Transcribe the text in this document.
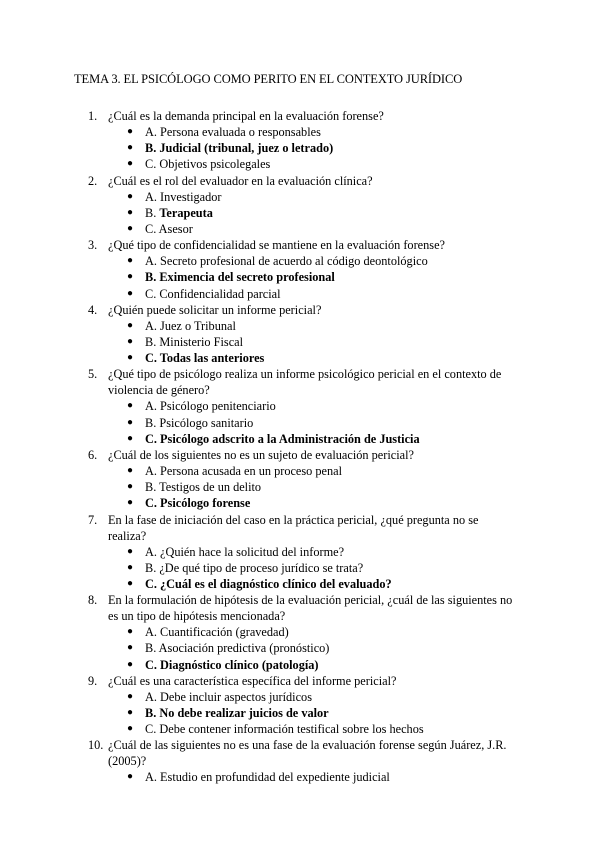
TEMA 3. EL PSICÓLOGO COMO PERITO EN EL CONTEXTO JURÍDICO
1. ¿Cuál es la demanda principal en la evaluación forense?
● A. Persona evaluada o responsables
● B. Judicial (tribunal, juez o letrado)
● C. Objetivos psicolegales
2. ¿Cuál es el rol del evaluador en la evaluación clínica?
● A. Investigador
● B. Terapeuta
● C. Asesor
3. ¿Qué tipo de confidencialidad se mantiene en la evaluación forense?
● A. Secreto profesional de acuerdo al código deontológico
● B. Eximencia del secreto profesional
● C. Confidencialidad parcial
4. ¿Quién puede solicitar un informe pericial?
● A. Juez o Tribunal
● B. Ministerio Fiscal
● C. Todas las anteriores
5. ¿Qué tipo de psicólogo realiza un informe psicológico pericial en el contexto de violencia de género?
● A. Psicólogo penitenciario
● B. Psicólogo sanitario
● C. Psicólogo adscrito a la Administración de Justicia
6. ¿Cuál de los siguientes no es un sujeto de evaluación pericial?
● A. Persona acusada en un proceso penal
● B. Testigos de un delito
● C. Psicólogo forense
7. En la fase de iniciación del caso en la práctica pericial, ¿qué pregunta no se realiza?
● A. ¿Quién hace la solicitud del informe?
● B. ¿De qué tipo de proceso jurídico se trata?
● C. ¿Cuál es el diagnóstico clínico del evaluado?
8. En la formulación de hipótesis de la evaluación pericial, ¿cuál de las siguientes no es un tipo de hipótesis mencionada?
● A. Cuantificación (gravedad)
● B. Asociación predictiva (pronóstico)
● C. Diagnóstico clínico (patología)
9. ¿Cuál es una característica específica del informe pericial?
● A. Debe incluir aspectos jurídicos
● B. No debe realizar juicios de valor
● C. Debe contener información testifical sobre los hechos
10. ¿Cuál de las siguientes no es una fase de la evaluación forense según Juárez, J.R. (2005)?
● A. Estudio en profundidad del expediente judicial
